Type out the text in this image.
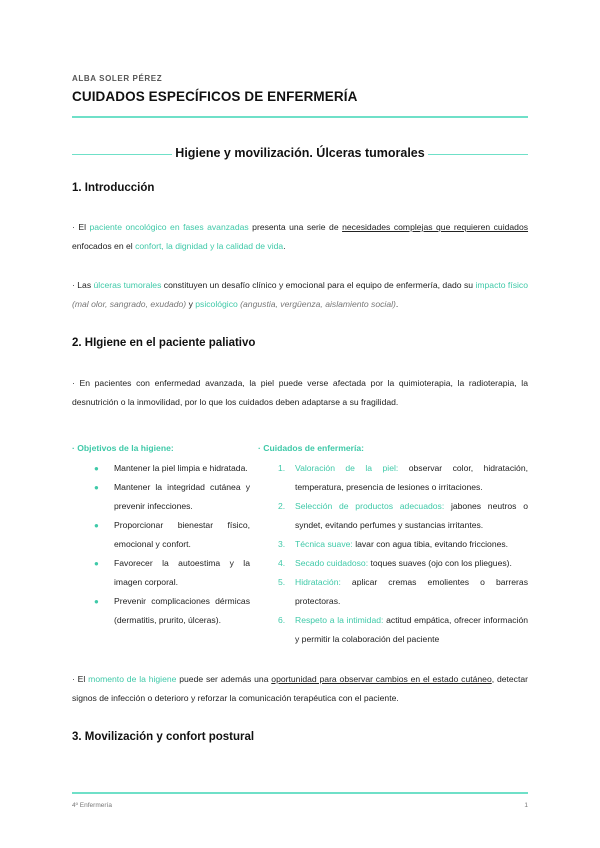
ALBA SOLER PÉREZ
CUIDADOS ESPECÍFICOS DE ENFERMERÍA
Higiene y movilización. Úlceras tumorales
1. Introducción
· El paciente oncológico en fases avanzadas presenta una serie de necesidades complejas que requieren cuidados enfocados en el confort, la dignidad y la calidad de vida.
· Las úlceras tumorales constituyen un desafío clínico y emocional para el equipo de enfermería, dado su impacto físico (mal olor, sangrado, exudado) y psicológico (angustia, vergüenza, aislamiento social).
2. HIgiene en el paciente paliativo
· En pacientes con enfermedad avanzada, la piel puede verse afectada por la quimioterapia, la radioterapia, la desnutrición o la inmovilidad, por lo que los cuidados deben adaptarse a su fragilidad.
· Objetivos de la higiene:
● Mantener la piel limpia e hidratada.
● Mantener la integridad cutánea y prevenir infecciones.
● Proporcionar bienestar físico, emocional y confort.
● Favorecer la autoestima y la imagen corporal.
● Prevenir complicaciones dérmicas (dermatitis, prurito, úlceras).
· Cuidados de enfermería:
1. Valoración de la piel: observar color, hidratación, temperatura, presencia de lesiones o irritaciones.
2. Selección de productos adecuados: jabones neutros o syndet, evitando perfumes y sustancias irritantes.
3. Técnica suave: lavar con agua tibia, evitando fricciones.
4. Secado cuidadoso: toques suaves (ojo con los pliegues).
5. Hidratación: aplicar cremas emolientes o barreras protectoras.
6. Respeto a la intimidad: actitud empática, ofrecer información y permitir la colaboración del paciente
· El momento de la higiene puede ser además una oportunidad para observar cambios en el estado cutáneo, detectar signos de infección o deterioro y reforzar la comunicación terapéutica con el paciente.
3. Movilización y confort postural
4º Enfermería	1
